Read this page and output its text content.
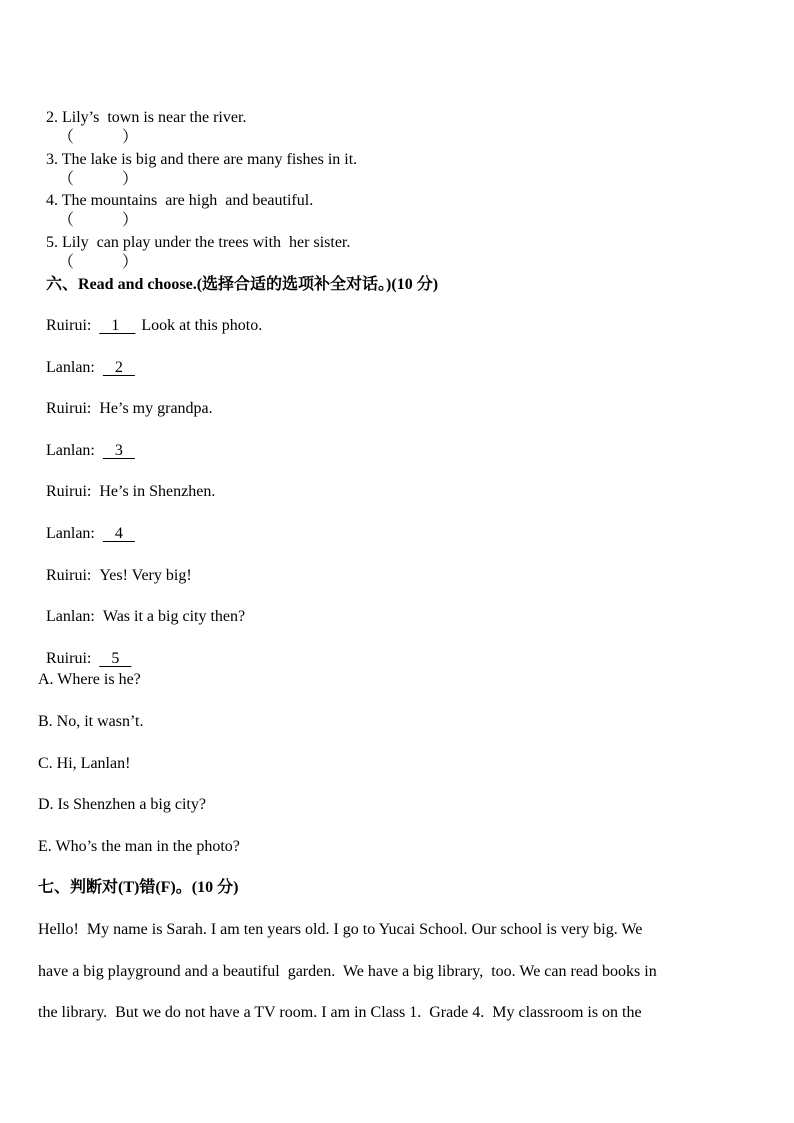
2. Lily’s  town is near the river.
（            ）

3. The lake is big and there are many fishes in it.
（            ）

4. The mountains  are high  and beautiful.
（            ）

5. Lily  can play under the trees with  her sister.
（            ）

六、Read and choose.(选择合适的选项补全对话。)(10 分)

Ruirui:   1    Look at this photo.

Lanlan:   2

Ruirui: He’s my grandpa.

Lanlan:   3

Ruirui: He’s in Shenzhen.

Lanlan:   4

Ruirui: Yes! Very big!

Lanlan: Was it a big city then?

Ruirui:   5

A. Where is he?
B. No, it wasn’t.
C. Hi, Lanlan!
D. Is Shenzhen a big city?
E. Who’s the man in the photo?
七、判断对(T)错(F)。(10 分)
Hello!  My name is Sarah. I am ten years old. I go to Yucai School. Our school is very big. We
have a big playground and a beautiful  garden.  We have a big library,  too. We can read books in
the library.  But we do not have a TV room. I am in Class 1.  Grade 4.  My classroom is on the
